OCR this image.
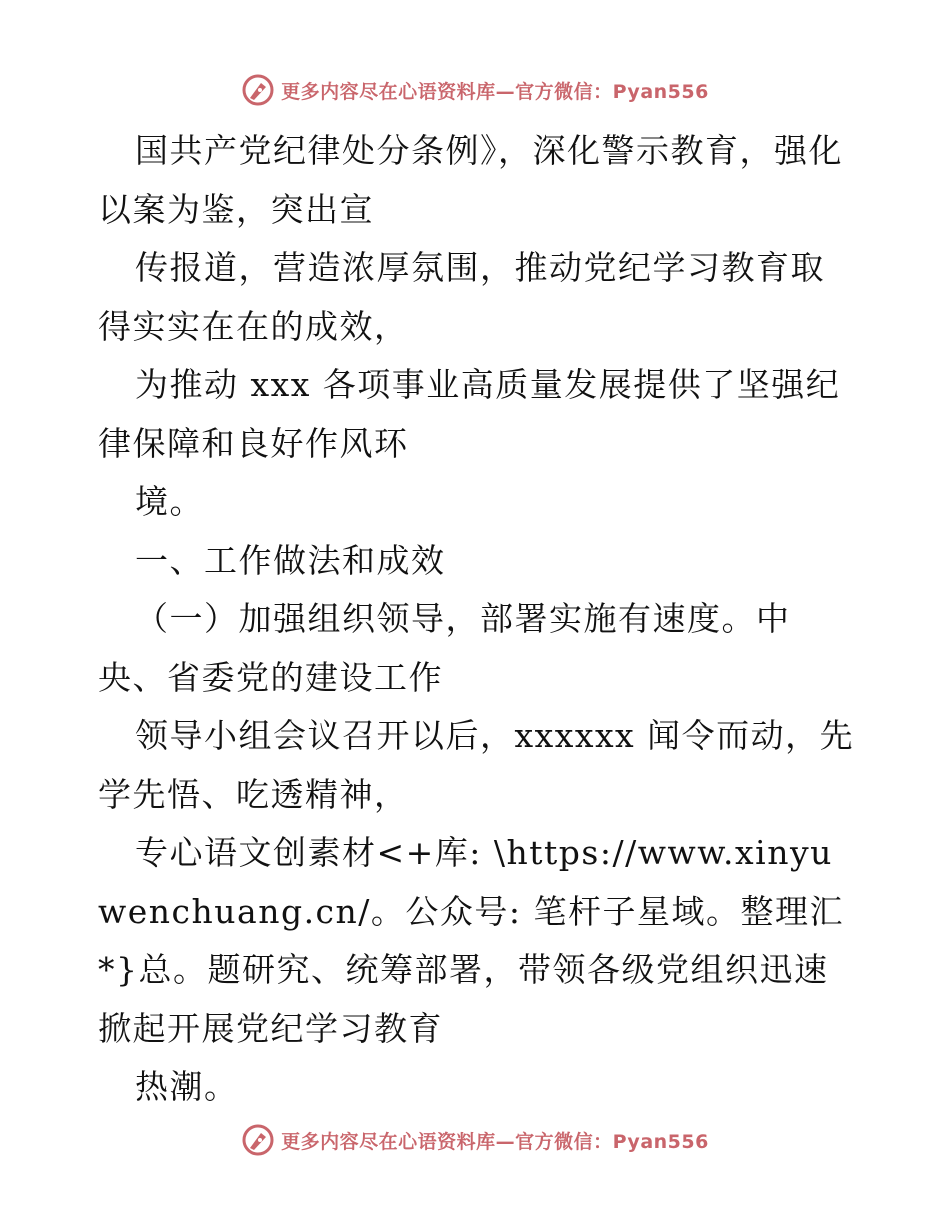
更多内容尽在心语资料库—官方微信：Pyan556

国共产党纪律处分条例》，深化警示教育，强化以案为鉴，突出宣

传报道，营造浓厚氛围，推动党纪学习教育取得实实在在的成效，

为推动 xxx 各项事业高质量发展提供了坚强纪律保障和良好作风环

境。

一、工作做法和成效

（一）加强组织领导，部署实施有速度。中央、省委党的建设工作

领导小组会议召开以后，xxxxxx 闻令而动，先学先悟、吃透精神，

专心语文创素材<+库: \https://www.xinyuwenchuang.cn/。公众号: 笔杆子星域。整理汇*}总。题研究、统筹部署，带领各级党组织迅速掀起开展党纪学习教育

热潮。

更多内容尽在心语资料库—官方微信：Pyan556
